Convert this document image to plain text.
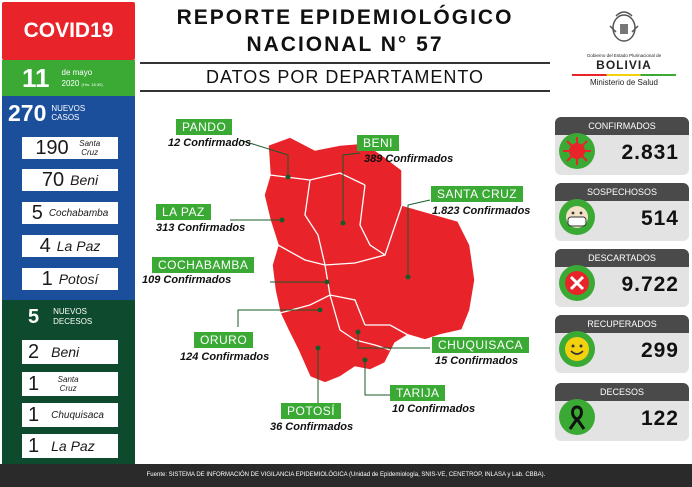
COVID19
11 de mayo
2020 (Hrs. 18:30)
270 NUEVOS
CASOS
190	Santa Cruz
70 Beni
5 Cochabamba
4 La Paz
1 Potosí
5 NUEVOS
DECESOS
2 Beni
1	Santa Cruz
1 Chuquisaca
1 La Paz
REPORTE EPIDEMIOLÓGICO
NACIONAL N° 57
DATOS POR DEPARTAMENTO
Gobierno del Estado Plurinacional de
BOLIVIA
Ministerio de Salud
PANDO
12 Confirmados	BENI
389 Confirmados
LA PAZ
313 Confirmados
SANTA CRUZ
1.823 Confirmados
COCHABAMBA
109 Confirmados
ORURO
124 Confirmados
CHUQUISACA
15 Confirmados
TARIJA
10 Confirmados
POTOSÍ
36 Confirmados
CONFIRMADOS
2.831
SOSPECHOSOS
514
DESCARTADOS
9.722
RECUPERADOS
299
DECESOS
122
Fuente: SISTEMA DE INFORMACIÓN DE VIGILANCIA EPIDEMIOLÓGICA (Unidad de Epidemiología, SNIS-VE, CENETROP, INLASA y Lab. CBBA).
